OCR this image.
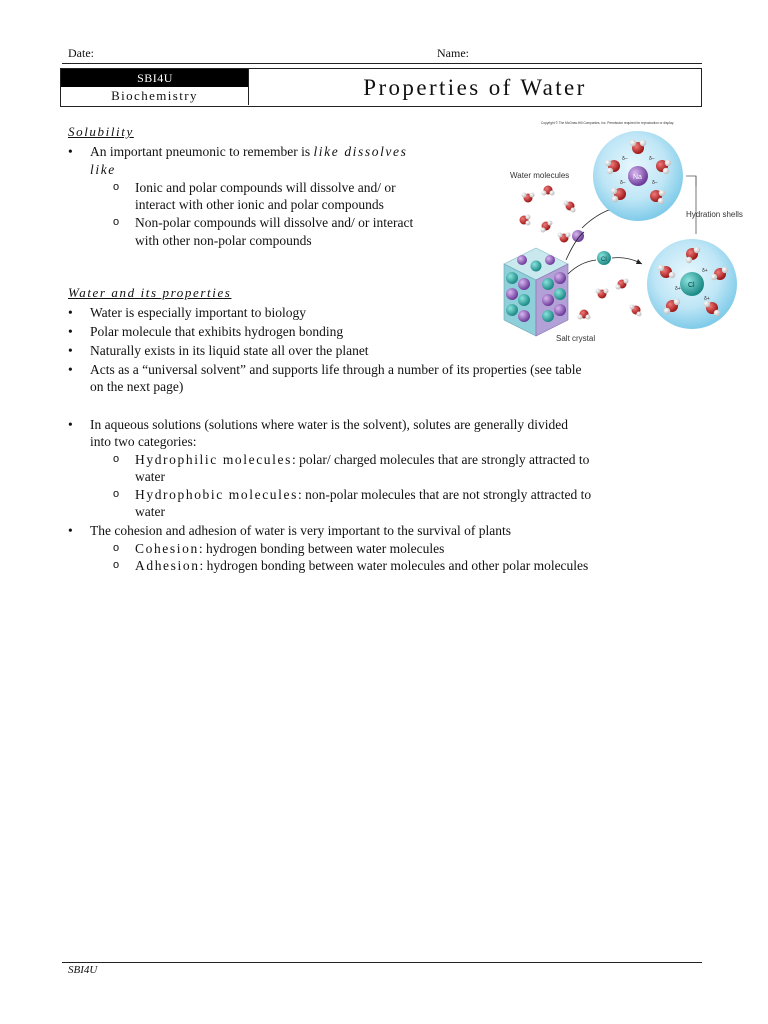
Date:	Name:
SBI4U
Biochemistry	Properties of Water
Solubility
• An important pneumonic to remember is like dissolves
like
o Ionic and polar compounds will dissolve and/ or
interact with other ionic and polar compounds
o Non-polar compounds will dissolve and/ or interact
with other non-polar compounds
Copyright © The McGraw-Hill Companies, Inc. Permission required for reproduction or display.
Salt crystal
Water molecules
Cl
Na
δ–	δ–
δ–	δ–
Cl
δ+
δ+
δ+
Hydration shells
Water and its properties
• Water is especially important to biology
• Polar molecule that exhibits hydrogen bonding
• Naturally exists in its liquid state all over the planet
• Acts as a “universal solvent” and supports life through a number of its properties (see table
on the next page)
• In aqueous solutions (solutions where water is the solvent), solutes are generally divided
into two categories:
o Hydrophilic molecules: polar/ charged molecules that are strongly attracted to
water
o Hydrophobic molecules: non-polar molecules that are not strongly attracted to
water
• The cohesion and adhesion of water is very important to the survival of plants
o Cohesion: hydrogen bonding between water molecules
o Adhesion: hydrogen bonding between water molecules and other polar molecules
SBI4U
